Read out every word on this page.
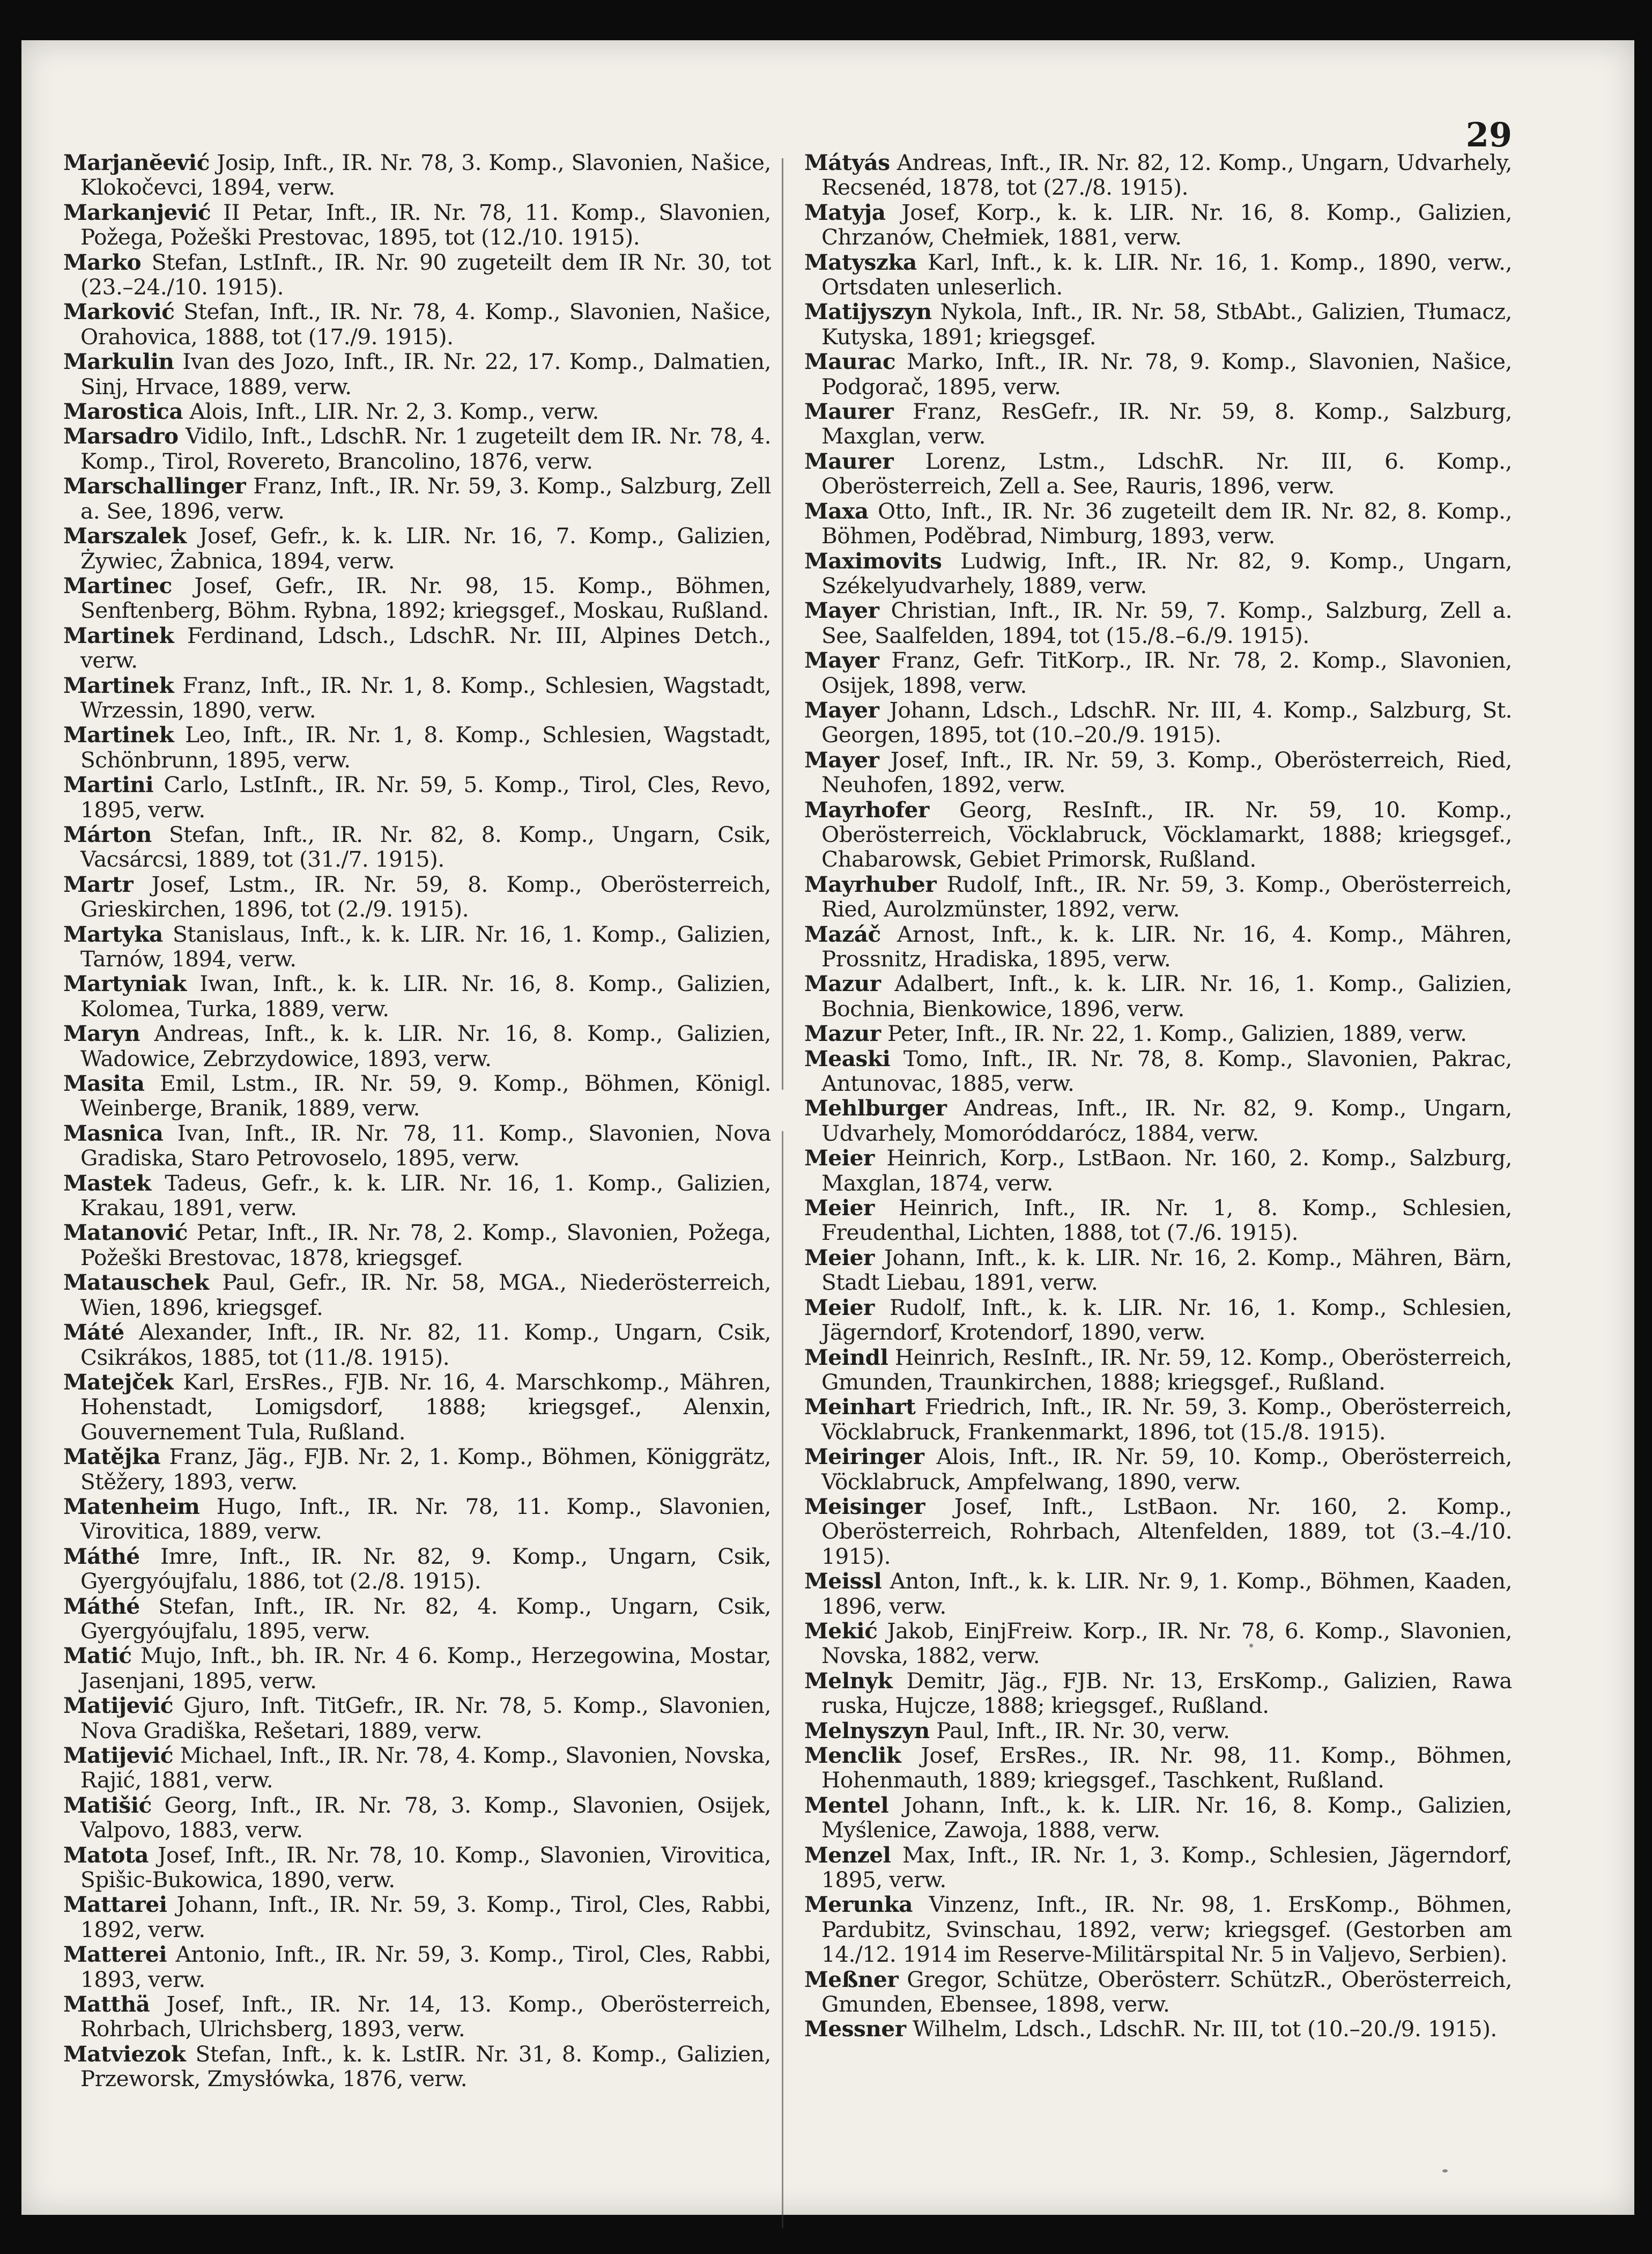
29

Marjanĕević Josip, Inft., IR. Nr. 78, 3. Komp., Slavonien, Našice, Klokočevci, 1894, verw.

Markanjević II Petar, Inft., IR. Nr. 78, 11. Komp., Slavonien, Požega, Požeški Prestovac, 1895, tot (12./10. 1915).

Marko Stefan, LstInft., IR. Nr. 90 zugeteilt dem IR Nr. 30, tot (23.–24./10. 1915).

Marković Stefan, Inft., IR. Nr. 78, 4. Komp., Slavonien, Našice, Orahovica, 1888, tot (17./9. 1915).

Markulin Ivan des Jozo, Inft., IR. Nr. 22, 17. Komp., Dalmatien, Sinj, Hrvace, 1889, verw.

Marostica Alois, Inft., LIR. Nr. 2, 3. Komp., verw.

Marsadro Vidilo, Inft., LdschR. Nr. 1 zugeteilt dem IR. Nr. 78, 4. Komp., Tirol, Rovereto, Brancolino, 1876, verw.

Marschallinger Franz, Inft., IR. Nr. 59, 3. Komp., Salzburg, Zell a. See, 1896, verw.

Marszalek Josef, Gefr., k. k. LIR. Nr. 16, 7. Komp., Galizien, Żywiec, Żabnica, 1894, verw.

Martinec Josef, Gefr., IR. Nr. 98, 15. Komp., Böhmen, Senftenberg, Böhm. Rybna, 1892; kriegsgef., Moskau, Rußland.

Martinek Ferdinand, Ldsch., LdschR. Nr. III, Alpines Detch., verw.

Martinek Franz, Inft., IR. Nr. 1, 8. Komp., Schlesien, Wagstadt, Wrzessin, 1890, verw.

Martinek Leo, Inft., IR. Nr. 1, 8. Komp., Schlesien, Wagstadt, Schönbrunn, 1895, verw.

Martini Carlo, LstInft., IR. Nr. 59, 5. Komp., Tirol, Cles, Revo, 1895, verw.

Márton Stefan, Inft., IR. Nr. 82, 8. Komp., Ungarn, Csik, Vacsárcsi, 1889, tot (31./7. 1915).

Martr Josef, Lstm., IR. Nr. 59, 8. Komp., Oberösterreich, Grieskirchen, 1896, tot (2./9. 1915).

Martyka Stanislaus, Inft., k. k. LIR. Nr. 16, 1. Komp., Galizien, Tarnów, 1894, verw.

Martyniak Iwan, Inft., k. k. LIR. Nr. 16, 8. Komp., Galizien, Kolomea, Turka, 1889, verw.

Maryn Andreas, Inft., k. k. LIR. Nr. 16, 8. Komp., Galizien, Wadowice, Zebrzydowice, 1893, verw.

Masita Emil, Lstm., IR. Nr. 59, 9. Komp., Böhmen, Königl. Weinberge, Branik, 1889, verw.

Masnica Ivan, Inft., IR. Nr. 78, 11. Komp., Slavonien, Nova Gradiska, Staro Petrovoselo, 1895, verw.

Mastek Tadeus, Gefr., k. k. LIR. Nr. 16, 1. Komp., Galizien, Krakau, 1891, verw.

Matanović Petar, Inft., IR. Nr. 78, 2. Komp., Slavonien, Požega, Požeški Brestovac, 1878, kriegsgef.

Matauschek Paul, Gefr., IR. Nr. 58, MGA., Niederösterreich, Wien, 1896, kriegsgef.

Máté Alexander, Inft., IR. Nr. 82, 11. Komp., Ungarn, Csik, Csikrákos, 1885, tot (11./8. 1915).

Matejček Karl, ErsRes., FJB. Nr. 16, 4. Marschkomp., Mähren, Hohenstadt, Lomigsdorf, 1888; kriegsgef., Alenxin, Gouvernement Tula, Rußland.

Matějka Franz, Jäg., FJB. Nr. 2, 1. Komp., Böhmen, Königgrätz, Stěžery, 1893, verw.

Matenheim Hugo, Inft., IR. Nr. 78, 11. Komp., Slavonien, Virovitica, 1889, verw.

Máthé Imre, Inft., IR. Nr. 82, 9. Komp., Ungarn, Csik, Gyergyóujfalu, 1886, tot (2./8. 1915).

Máthé Stefan, Inft., IR. Nr. 82, 4. Komp., Ungarn, Csik, Gyergyóujfalu, 1895, verw.

Matić Mujo, Inft., bh. IR. Nr. 4 6. Komp., Herzegowina, Mostar, Jasenjani, 1895, verw.

Matijević Gjuro, Inft. TitGefr., IR. Nr. 78, 5. Komp., Slavonien, Nova Gradiška, Rešetari, 1889, verw.

Matijević Michael, Inft., IR. Nr. 78, 4. Komp., Slavonien, Novska, Rajić, 1881, verw.

Matišić Georg, Inft., IR. Nr. 78, 3. Komp., Slavonien, Osijek, Valpovo, 1883, verw.

Matota Josef, Inft., IR. Nr. 78, 10. Komp., Slavonien, Virovitica, Spišic-Bukowica, 1890, verw.

Mattarei Johann, Inft., IR. Nr. 59, 3. Komp., Tirol, Cles, Rabbi, 1892, verw.

Matterei Antonio, Inft., IR. Nr. 59, 3. Komp., Tirol, Cles, Rabbi, 1893, verw.

Matthä Josef, Inft., IR. Nr. 14, 13. Komp., Oberösterreich, Rohrbach, Ulrichsberg, 1893, verw.

Matviezok Stefan, Inft., k. k. LstIR. Nr. 31, 8. Komp., Galizien, Przeworsk, Zmysłówka, 1876, verw.

Mátyás Andreas, Inft., IR. Nr. 82, 12. Komp., Ungarn, Udvarhely, Recsenéd, 1878, tot (27./8. 1915).

Matyja Josef, Korp., k. k. LIR. Nr. 16, 8. Komp., Galizien, Chrzanów, Chełmiek, 1881, verw.

Matyszka Karl, Inft., k. k. LIR. Nr. 16, 1. Komp., 1890, verw., Ortsdaten unleserlich.

Matijyszyn Nykola, Inft., IR. Nr. 58, StbAbt., Galizien, Tłumacz, Kutyska, 1891; kriegsgef.

Maurac Marko, Inft., IR. Nr. 78, 9. Komp., Slavonien, Našice, Podgorač, 1895, verw.

Maurer Franz, ResGefr., IR. Nr. 59, 8. Komp., Salzburg, Maxglan, verw.

Maurer Lorenz, Lstm., LdschR. Nr. III, 6. Komp., Oberösterreich, Zell a. See, Rauris, 1896, verw.

Maxa Otto, Inft., IR. Nr. 36 zugeteilt dem IR. Nr. 82, 8. Komp., Böhmen, Poděbrad, Nimburg, 1893, verw.

Maximovits Ludwig, Inft., IR. Nr. 82, 9. Komp., Ungarn, Székelyudvarhely, 1889, verw.

Mayer Christian, Inft., IR. Nr. 59, 7. Komp., Salzburg, Zell a. See, Saalfelden, 1894, tot (15./8.–6./9. 1915).

Mayer Franz, Gefr. TitKorp., IR. Nr. 78, 2. Komp., Slavonien, Osijek, 1898, verw.

Mayer Johann, Ldsch., LdschR. Nr. III, 4. Komp., Salzburg, St. Georgen, 1895, tot (10.–20./9. 1915).

Mayer Josef, Inft., IR. Nr. 59, 3. Komp., Oberösterreich, Ried, Neuhofen, 1892, verw.

Mayrhofer Georg, ResInft., IR. Nr. 59, 10. Komp., Oberösterreich, Vöcklabruck, Vöcklamarkt, 1888; kriegsgef., Chabarowsk, Gebiet Primorsk, Rußland.

Mayrhuber Rudolf, Inft., IR. Nr. 59, 3. Komp., Oberösterreich, Ried, Aurolzmünster, 1892, verw.

Mazáč Arnost, Inft., k. k. LIR. Nr. 16, 4. Komp., Mähren, Prossnitz, Hradiska, 1895, verw.

Mazur Adalbert, Inft., k. k. LIR. Nr. 16, 1. Komp., Galizien, Bochnia, Bienkowice, 1896, verw.

Mazur Peter, Inft., IR. Nr. 22, 1. Komp., Galizien, 1889, verw.

Measki Tomo, Inft., IR. Nr. 78, 8. Komp., Slavonien, Pakrac, Antunovac, 1885, verw.

Mehlburger Andreas, Inft., IR. Nr. 82, 9. Komp., Ungarn, Udvarhely, Momoróddarócz, 1884, verw.

Meier Heinrich, Korp., LstBaon. Nr. 160, 2. Komp., Salzburg, Maxglan, 1874, verw.

Meier Heinrich, Inft., IR. Nr. 1, 8. Komp., Schlesien, Freudenthal, Lichten, 1888, tot (7./6. 1915).

Meier Johann, Inft., k. k. LIR. Nr. 16, 2. Komp., Mähren, Bärn, Stadt Liebau, 1891, verw.

Meier Rudolf, Inft., k. k. LIR. Nr. 16, 1. Komp., Schlesien, Jägerndorf, Krotendorf, 1890, verw.

Meindl Heinrich, ResInft., IR. Nr. 59, 12. Komp., Oberösterreich, Gmunden, Traunkirchen, 1888; kriegsgef., Rußland.

Meinhart Friedrich, Inft., IR. Nr. 59, 3. Komp., Oberösterreich, Vöcklabruck, Frankenmarkt, 1896, tot (15./8. 1915).

Meiringer Alois, Inft., IR. Nr. 59, 10. Komp., Oberösterreich, Vöcklabruck, Ampfelwang, 1890, verw.

Meisinger Josef, Inft., LstBaon. Nr. 160, 2. Komp., Oberösterreich, Rohrbach, Altenfelden, 1889, tot (3.–4./10. 1915).

Meissl Anton, Inft., k. k. LIR. Nr. 9, 1. Komp., Böhmen, Kaaden, 1896, verw.

Mekić Jakob, EinjFreiw. Korp., IR. Nr. 78, 6. Komp., Slavonien, Novska, 1882, verw.

Melnyk Demitr, Jäg., FJB. Nr. 13, ErsKomp., Galizien, Rawa ruska, Hujcze, 1888; kriegsgef., Rußland.

Melnyszyn Paul, Inft., IR. Nr. 30, verw.

Menclik Josef, ErsRes., IR. Nr. 98, 11. Komp., Böhmen, Hohenmauth, 1889; kriegsgef., Taschkent, Rußland.

Mentel Johann, Inft., k. k. LIR. Nr. 16, 8. Komp., Galizien, Myślenice, Zawoja, 1888, verw.

Menzel Max, Inft., IR. Nr. 1, 3. Komp., Schlesien, Jägerndorf, 1895, verw.

Merunka Vinzenz, Inft., IR. Nr. 98, 1. ErsKomp., Böhmen, Pardubitz, Svinschau, 1892, verw; kriegsgef. (Gestorben am 14./12. 1914 im Reserve-Militärspital Nr. 5 in Valjevo, Serbien).

Meßner Gregor, Schütze, Oberösterr. SchützR., Oberösterreich, Gmunden, Ebensee, 1898, verw.

Messner Wilhelm, Ldsch., LdschR. Nr. III, tot (10.–20./9. 1915).
